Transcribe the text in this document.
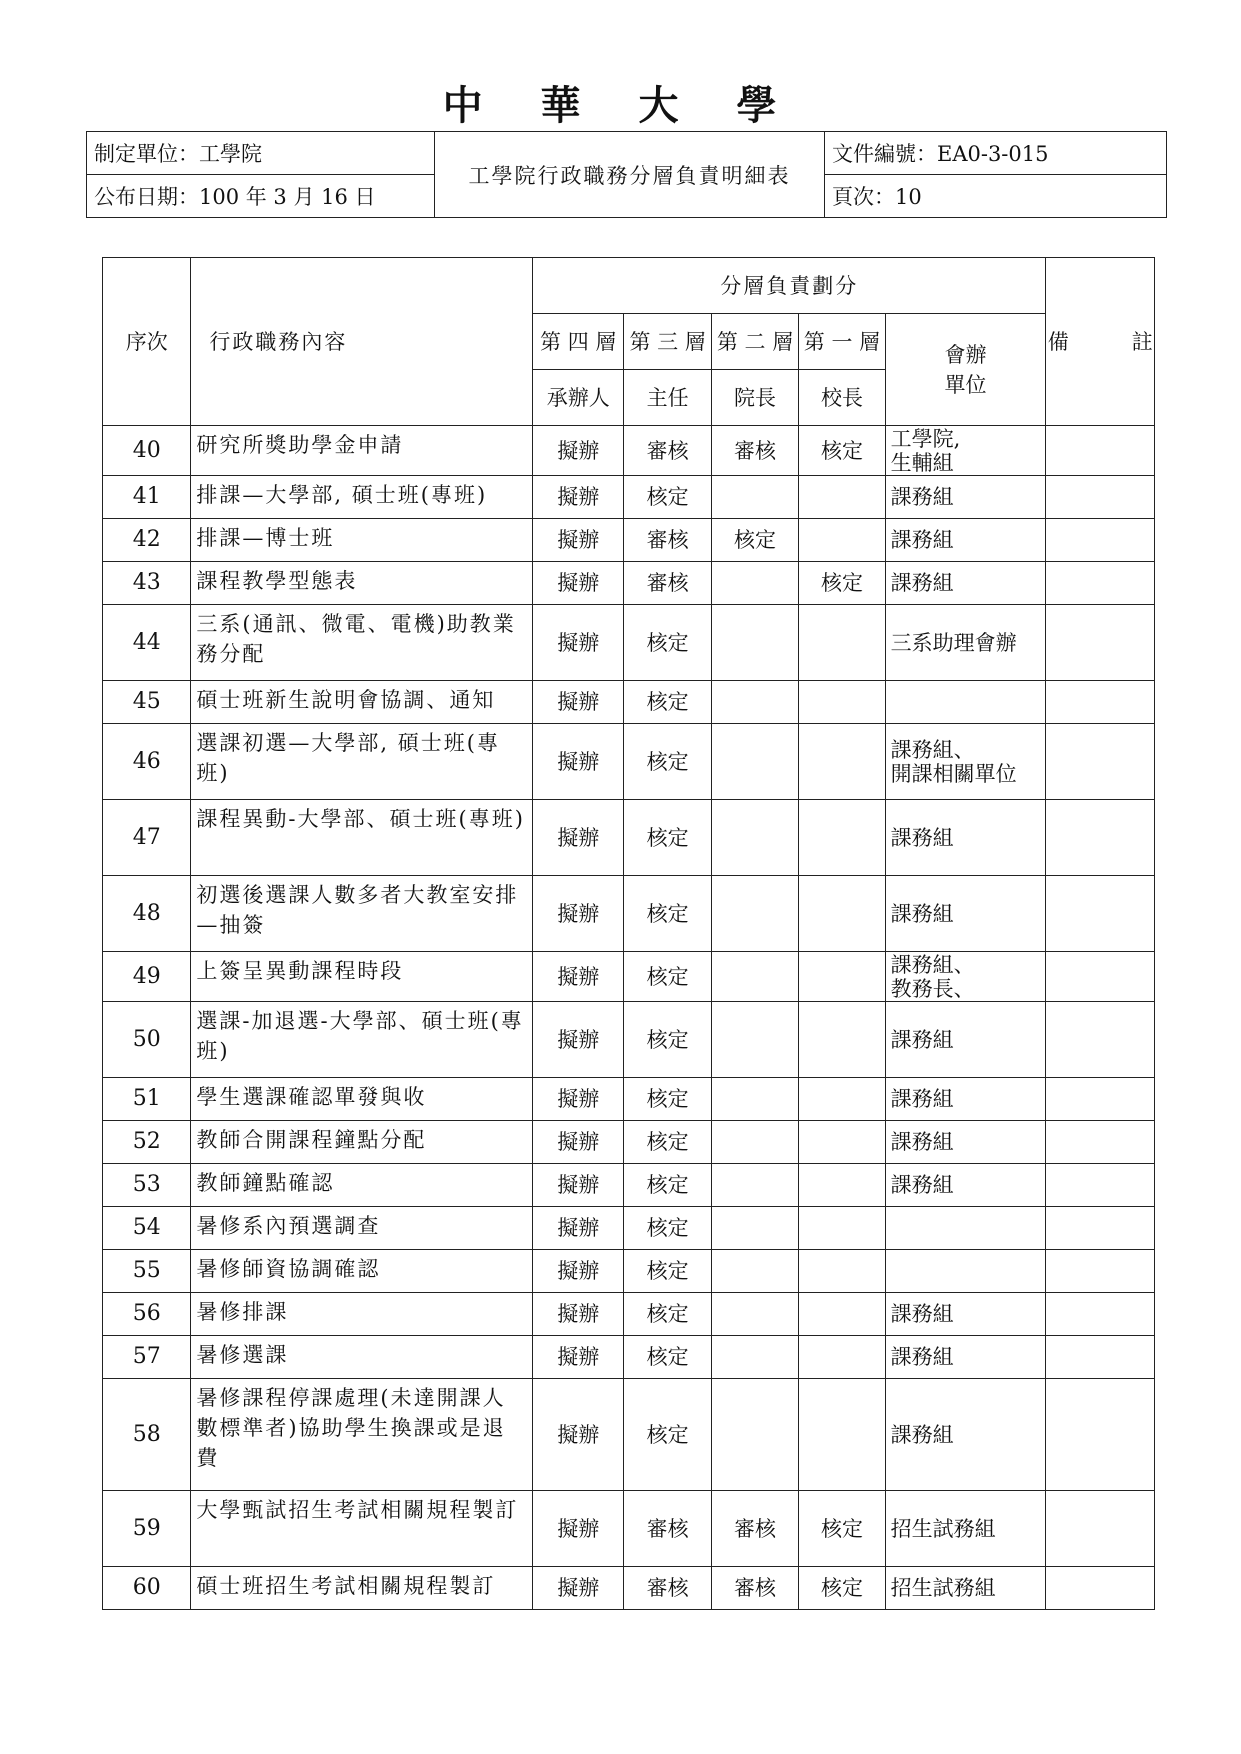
中 華 大 學
制定單位：工學院	工學院行政職務分層負責明細表	文件編號：EA0-3-015
公布日期：100 年 3 月 16 日		頁次：10
序次	行政職務內容	分層負責劃分					備　　　註
		第 四 層	第 三 層	第 二 層	第 一 層	會辦
單位	
		承辦人	主任	院長	校長		
40	研究所獎助學金申請	擬辦	審核	審核	核定	工學院,
生輔組	
41	排課—大學部, 碩士班(專班)	擬辦	核定			課務組	
42	排課—博士班	擬辦	審核	核定		課務組	
43	課程教學型態表	擬辦	審核		核定	課務組	
44	三系(通訊、微電、電機)助教業務分配	擬辦	核定			三系助理會辦	
45	碩士班新生說明會協調、通知	擬辦	核定				
46	選課初選—大學部, 碩士班(專班)	擬辦	核定			課務組、
開課相關單位	
47	課程異動-大學部、碩士班(專班)	擬辦	核定			課務組	
48	初選後選課人數多者大教室安排—抽簽	擬辦	核定			課務組	
49	上簽呈異動課程時段	擬辦	核定			課務組、
教務長、	
50	選課-加退選-大學部、碩士班(專班)	擬辦	核定			課務組	
51	學生選課確認單發與收	擬辦	核定			課務組	
52	教師合開課程鐘點分配	擬辦	核定			課務組	
53	教師鐘點確認	擬辦	核定			課務組	
54	暑修系內預選調查	擬辦	核定				
55	暑修師資協調確認	擬辦	核定				
56	暑修排課	擬辦	核定			課務組	
57	暑修選課	擬辦	核定			課務組	
58	暑修課程停課處理(未達開課人數標準者)協助學生換課或是退費	擬辦	核定			課務組	
59	大學甄試招生考試相關規程製訂	擬辦	審核	審核	核定	招生試務組	
60	碩士班招生考試相關規程製訂	擬辦	審核	審核	核定	招生試務組	
